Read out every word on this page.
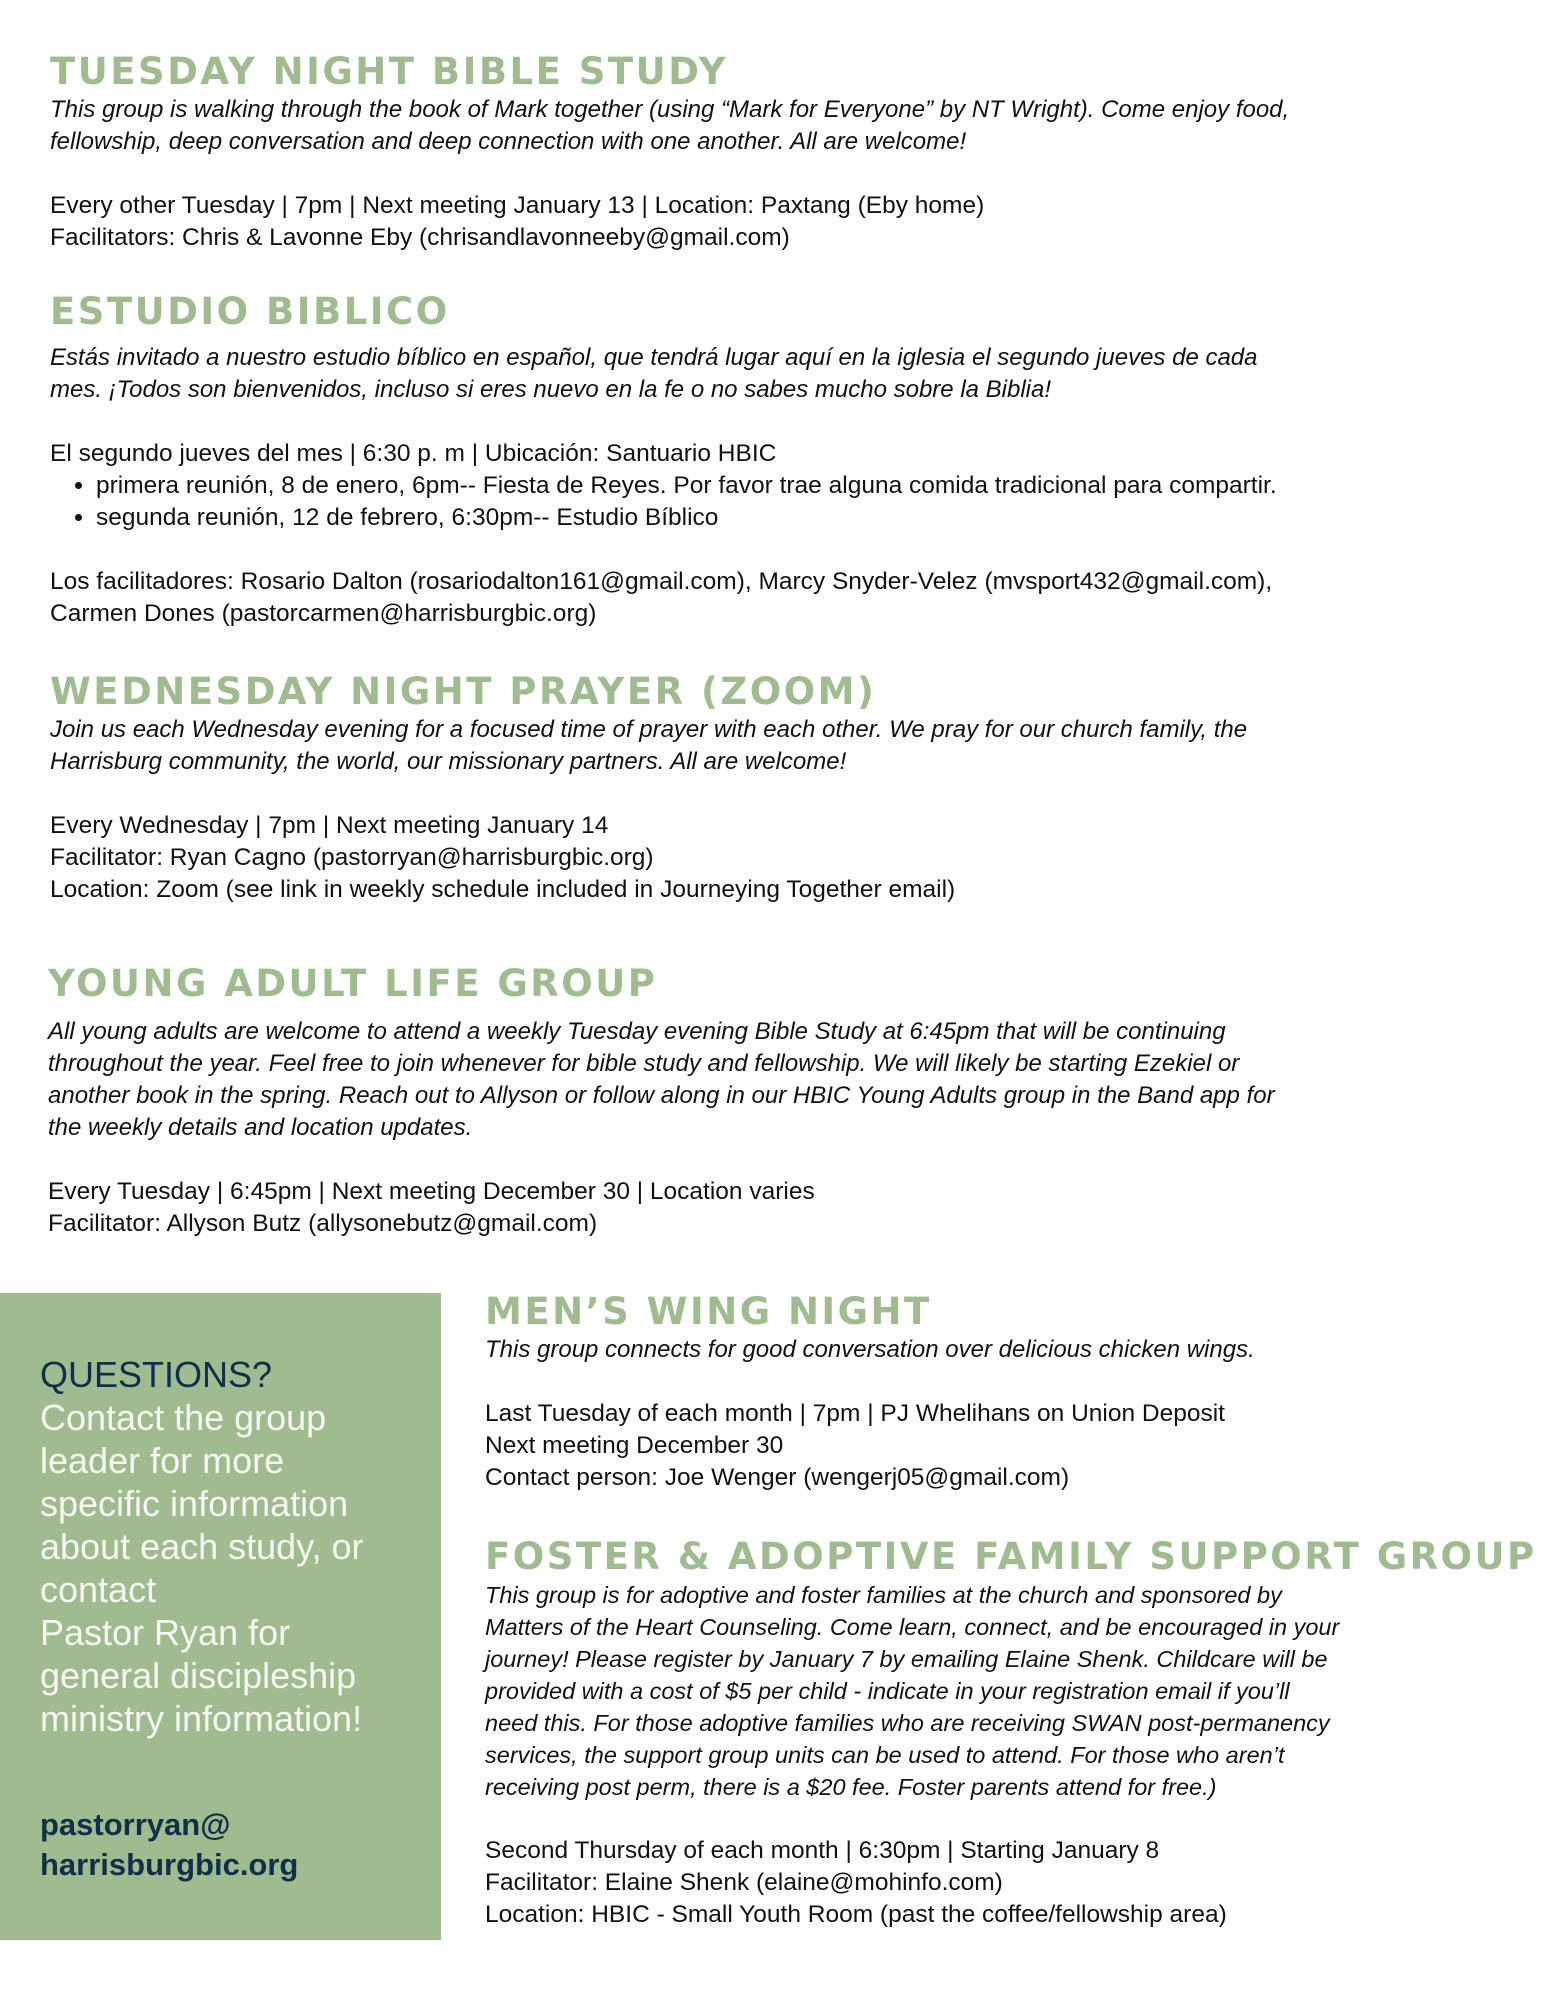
TUESDAY NIGHT BIBLE STUDY

This group is walking through the book of Mark together (using “Mark for Everyone” by NT Wright). Come enjoy food,

fellowship, deep conversation and deep connection with one another. All are welcome!

Every other Tuesday | 7pm | Next meeting January 13 | Location: Paxtang (Eby home)

Facilitators: Chris & Lavonne Eby (chrisandlavonneeby@gmail.com)

ESTUDIO BIBLICO

Estás invitado a nuestro estudio bíblico en español, que tendrá lugar aquí en la iglesia el segundo jueves de cada

mes. ¡Todos son bienvenidos, incluso si eres nuevo en la fe o no sabes mucho sobre la Biblia!

El segundo jueves del mes | 6:30 p. m | Ubicación: Santuario HBIC

• primera reunión, 8 de enero, 6pm-- Fiesta de Reyes. Por favor trae alguna comida tradicional para compartir.
• segunda reunión, 12 de febrero, 6:30pm-- Estudio Bíblico

Los facilitadores: Rosario Dalton (rosariodalton161@gmail.com), Marcy Snyder-Velez (mvsport432@gmail.com),

Carmen Dones (pastorcarmen@harrisburgbic.org)

WEDNESDAY NIGHT PRAYER (ZOOM)

Join us each Wednesday evening for a focused time of prayer with each other. We pray for our church family, the

Harrisburg community, the world, our missionary partners. All are welcome!

Every Wednesday | 7pm | Next meeting January 14

Facilitator: Ryan Cagno (pastorryan@harrisburgbic.org)

Location: Zoom (see link in weekly schedule included in Journeying Together email)

YOUNG ADULT LIFE GROUP

All young adults are welcome to attend a weekly Tuesday evening Bible Study at 6:45pm that will be continuing

throughout the year. Feel free to join whenever for bible study and fellowship. We will likely be starting Ezekiel or

another book in the spring. Reach out to Allyson or follow along in our HBIC Young Adults group in the Band app for

the weekly details and location updates.

Every Tuesday | 6:45pm | Next meeting December 30 | Location varies

Facilitator: Allyson Butz (allysonebutz@gmail.com)

QUESTIONS?
Contact the group
leader for more
specific information
about each study, or
contact
Pastor Ryan for
general discipleship
ministry information!
pastorryan@
harrisburgbic.org
MEN’S WING NIGHT

This group connects for good conversation over delicious chicken wings.

Last Tuesday of each month | 7pm | PJ Whelihans on Union Deposit

Next meeting December 30

Contact person: Joe Wenger (wengerj05@gmail.com)

FOSTER & ADOPTIVE FAMILY SUPPORT GROUP

This group is for adoptive and foster families at the church and sponsored by

Matters of the Heart Counseling. Come learn, connect, and be encouraged in your

journey! Please register by January 7 by emailing Elaine Shenk. Childcare will be

provided with a cost of $5 per child - indicate in your registration email if you’ll

need this. For those adoptive families who are receiving SWAN post-permanency

services, the support group units can be used to attend. For those who aren’t

receiving post perm, there is a $20 fee. Foster parents attend for free.)

Second Thursday of each month | 6:30pm | Starting January 8

Facilitator: Elaine Shenk (elaine@mohinfo.com)

Location: HBIC - Small Youth Room (past the coffee/fellowship area)
